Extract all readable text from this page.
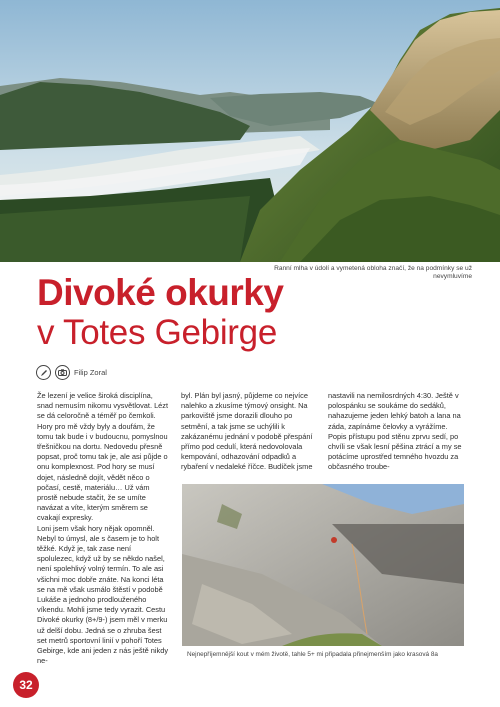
Ranní mlha v údolí a vymetená obloha značí, že na podmínky se už nevymluvíme
Divoké okurky
v Totes Gebirge
Filip Zoral

Že lezení je velice široká disciplína, snad nemusím nikomu vysvětlovat. Lézt se dá celoročně a téměř po čemkoli. Hory pro mě vždy byly a doufám, že tomu tak bude i v budoucnu, pomyslnou třešničkou na dortu. Nedovedu přesně popsat, proč tomu tak je, ale asi půjde o onu komplexnost. Pod hory se musí dojet, následně dojít, vědět něco o počasí, cestě, materiálu… Už vám prostě nebude stačit, že se umíte navázat a víte, kterým směrem se cvakají expresky.

Loni jsem však hory nějak opomněl. Nebyl to úmysl, ale s časem je to holt těžké. Když je, tak zase není spolulezec, když už by se někdo našel, není spolehlivý volný termín. To ale asi všichni moc dobře znáte. Na konci léta se na mě však usmálo štěstí v podobě Lukáše a jednoho prodlouženého víkendu. Mohli jsme tedy vyrazit. Cestu Divoké okurky (8+/9-) jsem měl v merku už delší dobu. Jedná se o zhruba šest set metrů sportovní linií v pohoří Totes Gebirge, kde ani jeden z nás ještě nikdy ne-

byl. Plán byl jasný, půjdeme co nejvíce nalehko a zkusíme týmový onsight. Na parkoviště jsme dorazili dlouho po setmění, a tak jsme se uchýlili k zakázanému jednání v podobě přespání přímo pod cedulí, která nedovolovala kempování, odhazování odpadků a rybaření v nedaleké říčce. Budíček jsme

nastavili na nemilosrdných 4:30. Ještě v polospánku se soukáme do sedáků, nahazujeme jeden lehký batoh a lana na záda, zapínáme čelovky a vyrážíme. Popis přístupu pod stěnu zprvu sedí, po chvíli se však lesní pěšina ztrácí a my se potácíme uprostřed temného hvozdu za občasného troube-

Nejnepříjemnější kout v mém životě, tahle 5+ mi připadala přinejmenším jako krasová 8a
32
